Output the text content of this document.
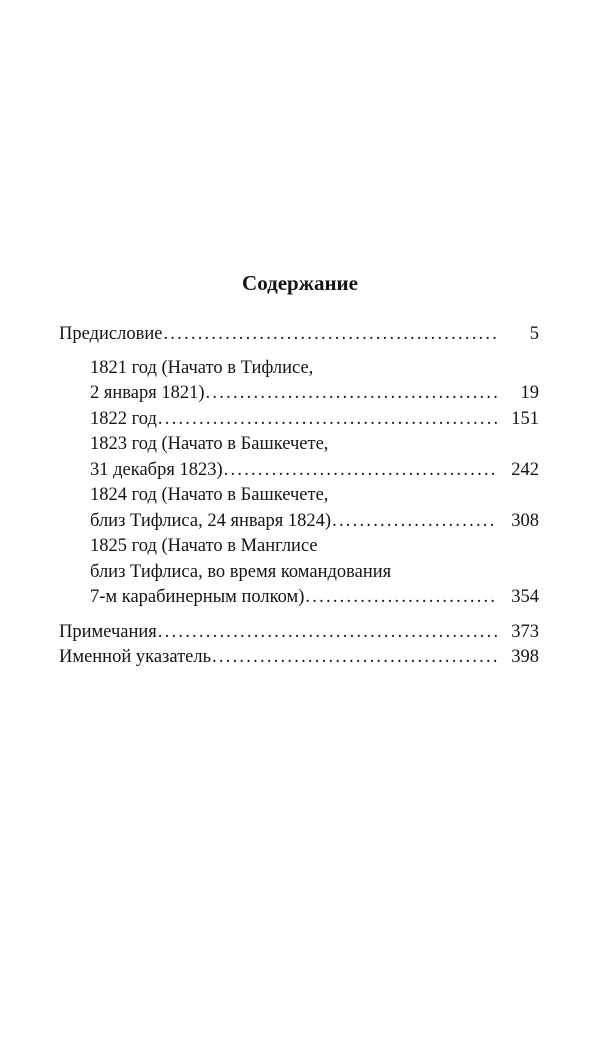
Содержание
Предисловие . . .	5
1821 год (Начато в Тифлисе,
2 января 1821) . . .	19
1822 год . . .	151
1823 год (Начато в Башкечете,
31 декабря 1823) . . .	242
1824 год (Начато в Башкечете,
близ Тифлиса, 24 января 1824) . . .	308
1825 год (Начато в Манглисе
близ Тифлиса, во время командования
7-м карабинерным полком) . . .	354
Примечания . . .	373
Именной указатель . . .	398
